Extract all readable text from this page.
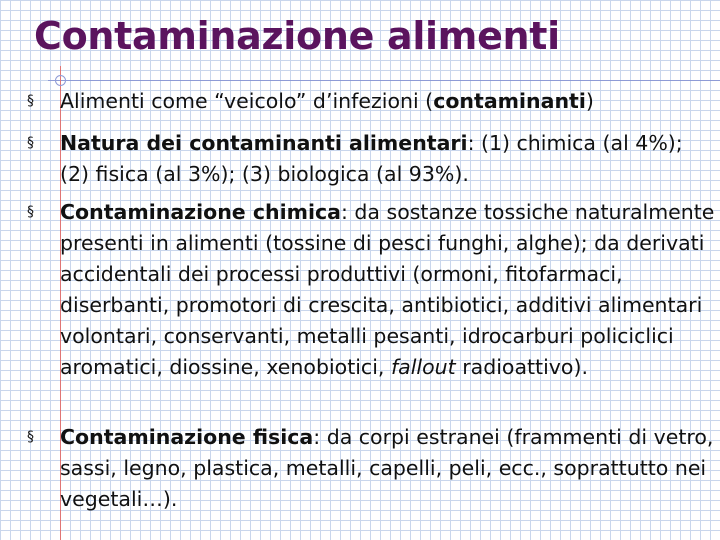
Contaminazione alimenti
§ Alimenti come “veicolo” d’infezioni (contaminanti)
§ Natura dei contaminanti alimentari: (1) chimica (al 4%); (2) fisica (al 3%); (3) biologica (al 93%).
§ Contaminazione chimica: da sostanze tossiche naturalmente presenti in alimenti (tossine di pesci funghi, alghe); da derivati accidentali dei processi produttivi (ormoni, fitofarmaci, diserbanti, promotori di crescita, antibiotici, additivi alimentari volontari, conservanti, metalli pesanti, idrocarburi policiclici aromatici, diossine, xenobiotici, fallout radioattivo).
§ Contaminazione fisica: da corpi estranei (frammenti di vetro, sassi, legno, plastica, metalli, capelli, peli, ecc., soprattutto nei vegetali…).
